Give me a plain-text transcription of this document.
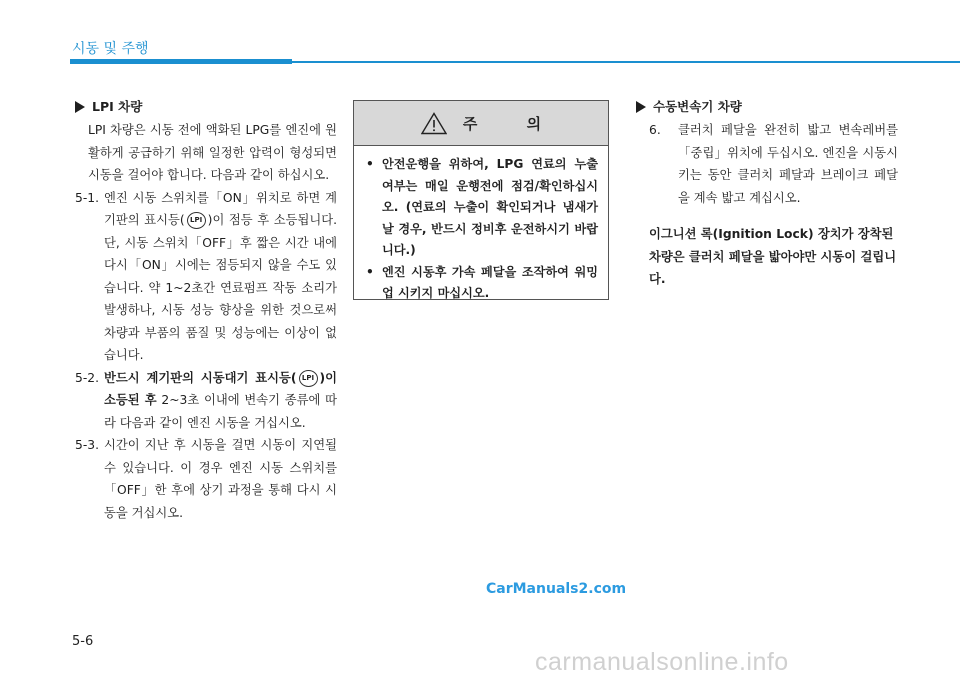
시동 및 주행
LPI 차량
LPI 차량은 시동 전에 액화된 LPG를 엔진에 원활하게 공급하기 위해 일정한 압력이 형성되면 시동을 걸어야 합니다. 다음과 같이 하십시오.
5-1. 엔진 시동 스위치를「ON」위치로 하면 계기판의 표시등( LPI )이 점등 후 소등됩니다. 단, 시동 스위치「OFF」후 짧은 시간 내에 다시「ON」시에는 점등되지 않을 수도 있습니다. 약 1~2초간 연료펌프 작동 소리가 발생하나, 시동 성능 향상을 위한 것으로써 차량과 부품의 품질 및 성능에는 이상이 없습니다.
5-2. 반드시 계기판의 시동대기 표시등( LPI )이 소등된 후 2~3초 이내에 변속기 종류에 따라 다음과 같이 엔진 시동을 거십시오.
5-3. 시간이 지난 후 시동을 걸면 시동이 지연될 수 있습니다. 이 경우 엔진 시동 스위치를「OFF」한 후에 상기 과정을 통해 다시 시동을 거십시오.
주 의
• 안전운행을 위하여, LPG 연료의 누출 여부는 매일 운행전에 점검/확인하십시오. (연료의 누출이 확인되거나 냄새가 날 경우, 반드시 정비후 운전하시기 바랍니다.)
• 엔진 시동후 가속 페달을 조작하여 워밍업 시키지 마십시오.
수동변속기 차량
6.	클러치 페달을 완전히 밟고 변속레버를「중립」위치에 두십시오. 엔진을 시동시키는 동안 클러치 페달과 브레이크 페달을 계속 밟고 계십시오.
이그니션 록(Ignition Lock) 장치가 장착된 차량은 클러치 페달을 밟아야만 시동이 걸립니다.
CarManuals2.com
5-6
carmanualsonline.info
